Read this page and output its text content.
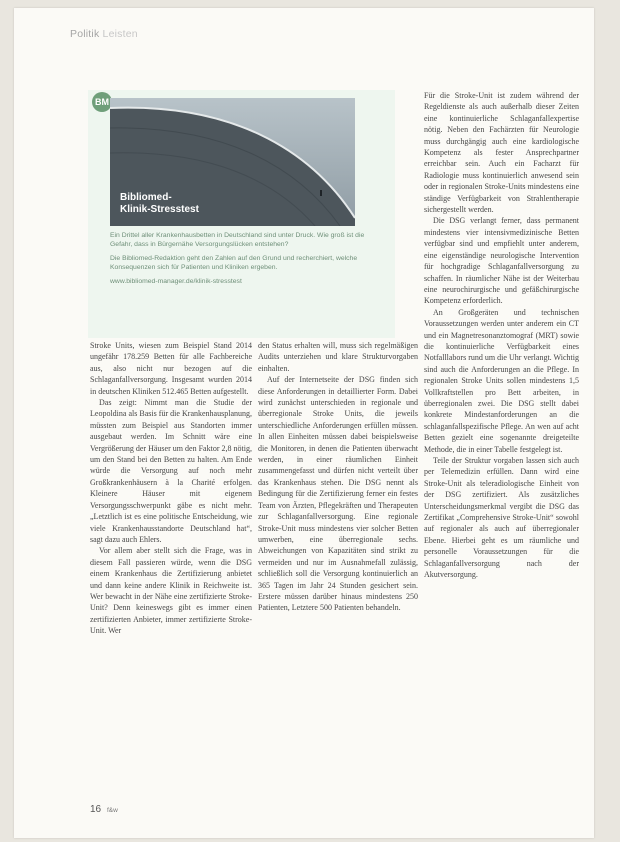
Politik Leisten
BM
Bibliomed-
Klinik-Stresstest

Ein Drittel aller Krankenhausbetten in Deutschland sind unter Druck. Wie groß ist die Gefahr, dass in Bürgernähe Versorgungslücken entstehen?

Die Bibliomed-Redaktion geht den Zahlen auf den Grund und recherchiert, welche Konsequenzen sich für Patienten und Kliniken ergeben.

www.bibliomed-manager.de/klinik-stresstest

Stroke Units, wiesen zum Beispiel Stand 2014 ungefähr 178.259 Betten für alle Fachbereiche aus, also nicht nur bezogen auf die Schlaganfallversorgung. Insgesamt wurden 2014 in deutschen Kliniken 512.465 Betten aufgestellt.

Das zeigt: Nimmt man die Studie der Leopoldina als Basis für die Krankenhausplanung, müssten zum Beispiel aus Standorten immer ausgebaut werden. Im Schnitt wäre eine Vergrößerung der Häuser um den Faktor 2,8 nötig, um den Stand bei den Betten zu halten. Am Ende würde die Versorgung auf noch mehr Großkrankenhäusern à la Charité erfolgen. Kleinere Häuser mit eigenem Versorgungsschwerpunkt gäbe es nicht mehr. „Letztlich ist es eine politische Entscheidung, wie viele Krankenhausstandorte Deutschland hat“, sagt dazu auch Ehlers.

Vor allem aber stellt sich die Frage, was in diesem Fall passieren würde, wenn die DSG einem Krankenhaus die Zertifizierung anbietet und dann keine andere Klinik in Reichweite ist. Wer bewacht in der Nähe eine zertifizierte Stroke-Unit? Denn keineswegs gibt es immer einen zertifizierten Anbieter, immer zertifizierte Stroke-Unit. Wer

den Status erhalten will, muss sich regelmäßigen Audits unterziehen und klare Strukturvorgaben einhalten.

Auf der Internetseite der DSG finden sich diese Anforderungen in detaillierter Form. Dabei wird zunächst unterschieden in regionale und überregionale Stroke Units, die jeweils unterschiedliche Anforderungen erfüllen müssen. In allen Einheiten müssen dabei beispielsweise die Monitoren, in denen die Patienten überwacht werden, in einer räumlichen Einheit zusammengefasst und dürfen nicht verteilt über das Krankenhaus stehen. Die DSG nennt als Bedingung für die Zertifizierung ferner ein festes Team von Ärzten, Pflegekräften und Therapeuten zur Schlaganfallversorgung. Eine regionale Stroke-Unit muss mindestens vier solcher Betten umwerben, eine überregionale sechs. Abweichungen von Kapazitäten sind strikt zu vermeiden und nur im Ausnahmefall zulässig, schließlich soll die Versorgung kontinuierlich an 365 Tagen im Jahr 24 Stunden gesichert sein. Erstere müssen darüber hinaus mindestens 250 Patienten, Letztere 500 Patienten behandeln.

Für die Stroke-Unit ist zudem während der Regeldienste als auch außerhalb dieser Zeiten eine kontinuierliche Schlaganfallexpertise nötig. Neben den Fachärzten für Neurologie muss durchgängig auch eine kardiologische Kompetenz als fester Ansprechpartner erreichbar sein. Auch ein Facharzt für Radiologie muss kontinuierlich anwesend sein oder in regionalen Stroke-Units mindestens eine ständige Verfügbarkeit von Strahlentherapie sichergestellt werden.

Die DSG verlangt ferner, dass permanent mindestens vier intensivmedizinische Betten verfügbar sind und empfiehlt unter anderem, eine eigenständige neurologische Intervention für hochgradige Schlaganfallversorgung zu schaffen. In räumlicher Nähe ist der Weiterbau eine neurochirurgische und gefäßchirurgische Kompetenz erforderlich.

An Großgeräten und technischen Voraussetzungen werden unter anderem ein CT und ein Magnetresonanztomograf (MRT) sowie die kontinuierliche Verfügbarkeit eines Notfalllabors rund um die Uhr verlangt. Wichtig sind auch die Anforderungen an die Pflege. In regionalen Stroke Units sollen mindestens 1,5 Vollkraftstellen pro Bett arbeiten, in überregionalen zwei. Die DSG stellt dabei konkrete Mindestanforderungen an die schlaganfallspezifische Pflege. An wen auf acht Betten gezielt eine sogenannte dreigeteilte Methode, die in einer Tabelle festgelegt ist.

Teile der Struktur vorgaben lassen sich auch per Telemedizin erfüllen. Dann wird eine Stroke-Unit als teleradiologische Einheit von der DSG zertifiziert. Als zusätzliches Unterscheidungsmerkmal vergibt die DSG das Zertifikat „Comprehensive Stroke-Unit“ sowohl auf regionaler als auch auf überregionaler Ebene. Hierbei geht es um räumliche und personelle Voraussetzungen für die Schlaganfallversorgung nach der Akutversorgung.

16 f&w
